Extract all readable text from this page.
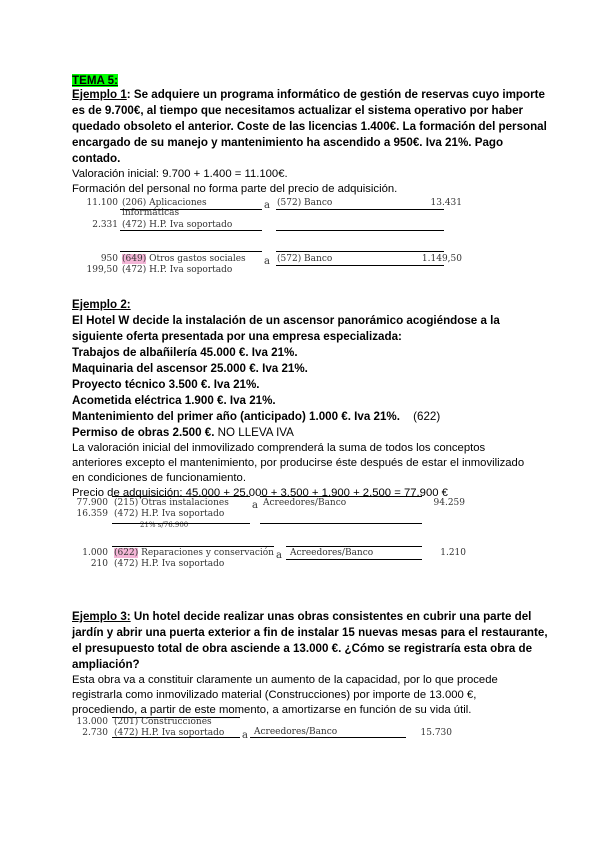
TEMA 5:
Ejemplo 1: Se adquiere un programa informático de gestión de reservas cuyo importe
es de 9.700€, al tiempo que necesitamos actualizar el sistema operativo por haber
quedado obsoleto el anterior. Coste de las licencias 1.400€. La formación del personal
encargado de su manejo y mantenimiento ha ascendido a 950€. Iva 21%. Pago
contado.
Valoración inicial: 9.700 + 1.400 = 11.100€.
Formación del personal no forma parte del precio de adquisición.
11.100 (206) Aplicaciones
informáticas
2.331 (472) H.P. Iva soportado
a (572) Banco	13.431
950 (649) Otros gastos sociales
199,50 (472) H.P. Iva soportado
a (572) Banco	1.149,50
Ejemplo 2:
El Hotel W decide la instalación de un ascensor panorámico acogiéndose a la
siguiente oferta presentada por una empresa especializada:
Trabajos de albañilería 45.000 €. Iva 21%.
Maquinaria del ascensor 25.000 €. Iva 21%.
Proyecto técnico 3.500 €. Iva 21%.
Acometida eléctrica 1.900 €. Iva 21%.
Mantenimiento del primer año (anticipado) 1.000 €. Iva 21%. (622)
Permiso de obras 2.500 €. NO LLEVA IVA
La valoración inicial del inmovilizado comprenderá la suma de todos los conceptos
anteriores excepto el mantenimiento, por producirse éste después de estar el inmovilizado
en condiciones de funcionamiento.
Precio de adquisición: 45.000 + 25.000 + 3.500 + 1.900 + 2.500 = 77.900 €
77.900 (215) Otras instalaciones
16.359 (472) H.P. Iva soportado
21% s/76.900
a Acreedores/Banco	94.259
1.000 (622) Reparaciones y conservación
210 (472) H.P. Iva soportado
a Acreedores/Banco	1.210
Ejemplo 3: Un hotel decide realizar unas obras consistentes en cubrir una parte del
jardín y abrir una puerta exterior a fin de instalar 15 nuevas mesas para el restaurante,
el presupuesto total de obra asciende a 13.000 €. ¿Cómo se registraría esta obra de
ampliación?
Esta obra va a constituir claramente un aumento de la capacidad, por lo que procede
registrarla como inmovilizado material (Construcciones) por importe de 13.000 €,
procediendo, a partir de este momento, a amortizarse en función de su vida útil.
13.000 (201) Construcciones
2.730 (472) H.P. Iva soportado a Acreedores/Banco	15.730
